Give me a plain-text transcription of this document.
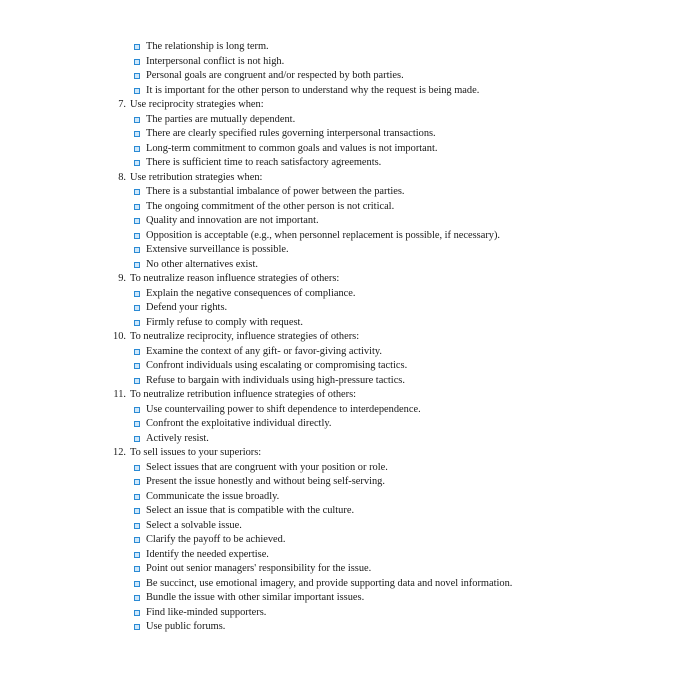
The relationship is long term.
Interpersonal conflict is not high.
Personal goals are congruent and/or respected by both parties.
It is important for the other person to understand why the request is being made.
7. Use reciprocity strategies when:
The parties are mutually dependent.
There are clearly specified rules governing interpersonal transactions.
Long-term commitment to common goals and values is not important.
There is sufficient time to reach satisfactory agreements.
8. Use retribution strategies when:
There is a substantial imbalance of power between the parties.
The ongoing commitment of the other person is not critical.
Quality and innovation are not important.
Opposition is acceptable (e.g., when personnel replacement is possible, if necessary).
Extensive surveillance is possible.
No other alternatives exist.
9. To neutralize reason influence strategies of others:
Explain the negative consequences of compliance.
Defend your rights.
Firmly refuse to comply with request.
10. To neutralize reciprocity, influence strategies of others:
Examine the context of any gift- or favor-giving activity.
Confront individuals using escalating or compromising tactics.
Refuse to bargain with individuals using high-pressure tactics.
11. To neutralize retribution influence strategies of others:
Use countervailing power to shift dependence to interdependence.
Confront the exploitative individual directly.
Actively resist.
12. To sell issues to your superiors:
Select issues that are congruent with your position or role.
Present the issue honestly and without being self-serving.
Communicate the issue broadly.
Select an issue that is compatible with the culture.
Select a solvable issue.
Clarify the payoff to be achieved.
Identify the needed expertise.
Point out senior managers' responsibility for the issue.
Be succinct, use emotional imagery, and provide supporting data and novel information.
Bundle the issue with other similar important issues.
Find like-minded supporters.
Use public forums.
